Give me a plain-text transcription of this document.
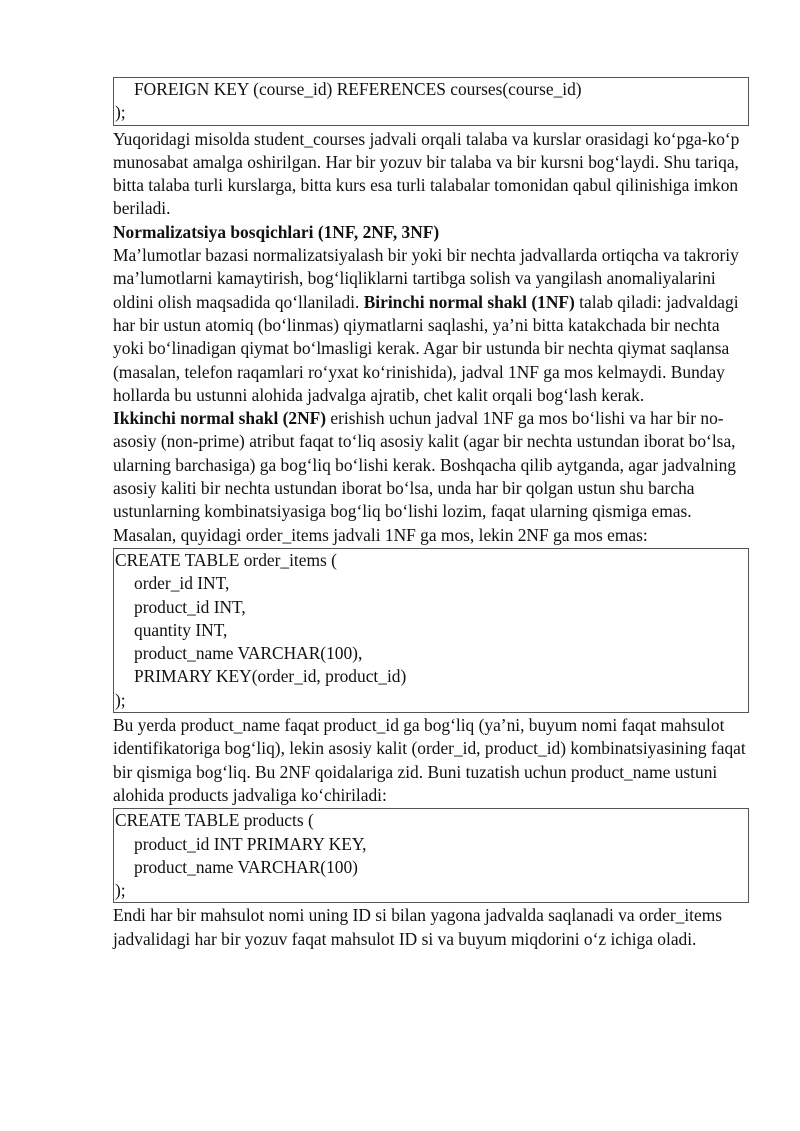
FOREIGN KEY (course_id) REFERENCES courses(course_id)
);

Yuqoridagi misolda student_courses jadvali orqali talaba va kurslar orasidagi ko‘pga-ko‘p munosabat amalga oshirilgan. Har bir yozuv bir talaba va bir kursni bog‘laydi. Shu tariqa, bitta talaba turli kurslarga, bitta kurs esa turli talabalar tomonidan qabul qilinishiga imkon beriladi.

Normalizatsiya bosqichlari (1NF, 2NF, 3NF)

Ma’lumotlar bazasi normalizatsiyalash bir yoki bir nechta jadvallarda ortiqcha va takroriy ma’lumotlarni kamaytirish, bog‘liqliklarni tartibga solish va yangilash anomaliyalarini oldini olish maqsadida qo‘llaniladi. Birinchi normal shakl (1NF) talab qiladi: jadvaldagi har bir ustun atomiq (bo‘linmas) qiymatlarni saqlashi, ya’ni bitta katakchada bir nechta yoki bo‘linadigan qiymat bo‘lmasligi kerak. Agar bir ustunda bir nechta qiymat saqlansa (masalan, telefon raqamlari ro‘yxat ko‘rinishida), jadval 1NF ga mos kelmaydi. Bunday hollarda bu ustunni alohida jadvalga ajratib, chet kalit orqali bog‘lash kerak.

Ikkinchi normal shakl (2NF) erishish uchun jadval 1NF ga mos bo‘lishi va har bir no-asosiy (non-prime) atribut faqat to‘liq asosiy kalit (agar bir nechta ustundan iborat bo‘lsa, ularning barchasiga) ga bog‘liq bo‘lishi kerak. Boshqacha qilib aytganda, agar jadvalning asosiy kaliti bir nechta ustundan iborat bo‘lsa, unda har bir qolgan ustun shu barcha ustunlarning kombinatsiyasiga bog‘liq bo‘lishi lozim, faqat ularning qismiga emas. Masalan, quyidagi order_items jadvali 1NF ga mos, lekin 2NF ga mos emas:

CREATE TABLE order_items (
order_id INT,
product_id INT,
quantity INT,
product_name VARCHAR(100),
PRIMARY KEY(order_id, product_id)
);

Bu yerda product_name faqat product_id ga bog‘liq (ya’ni, buyum nomi faqat mahsulot identifikatoriga bog‘liq), lekin asosiy kalit (order_id, product_id) kombinatsiyasining faqat bir qismiga bog‘liq. Bu 2NF qoidalariga zid. Buni tuzatish uchun product_name ustuni alohida products jadvaliga ko‘chiriladi:

CREATE TABLE products (
product_id INT PRIMARY KEY,
product_name VARCHAR(100)
);

Endi har bir mahsulot nomi uning ID si bilan yagona jadvalda saqlanadi va order_items jadvalidagi har bir yozuv faqat mahsulot ID si va buyum miqdorini o‘z ichiga oladi.
